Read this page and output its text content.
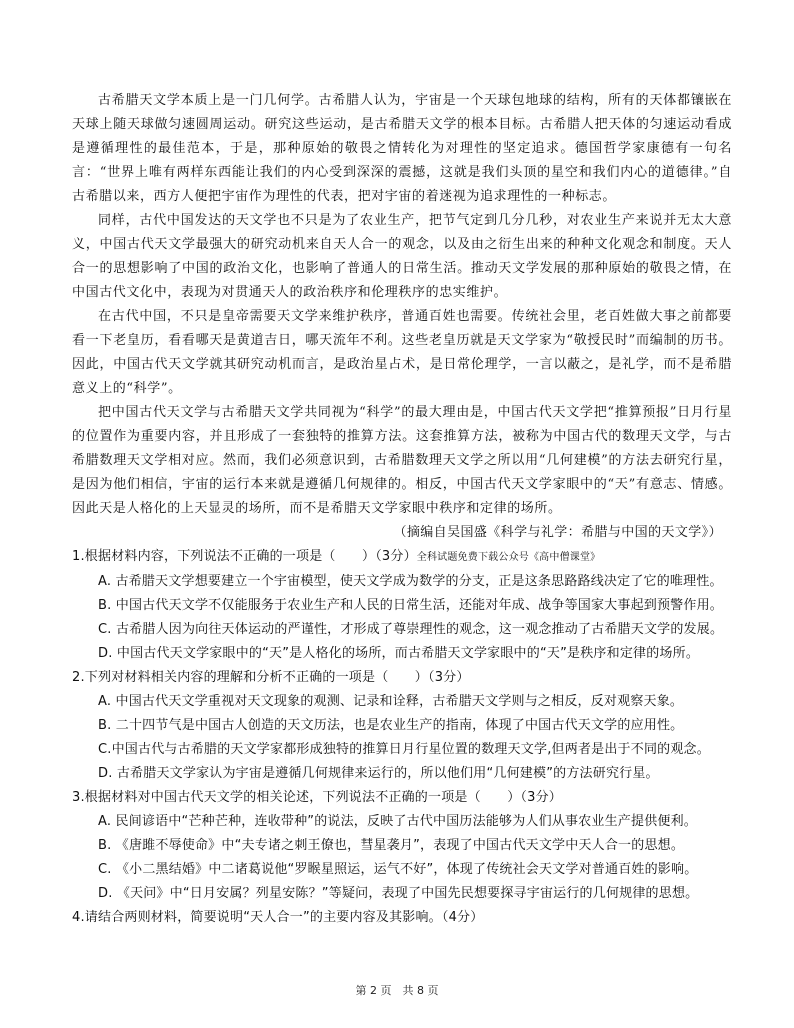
古希腊天文学本质上是一门几何学。古希腊人认为，宇宙是一个天球包地球的结构，所有的天体都镶嵌在天球上随天球做匀速圆周运动。研究这些运动，是古希腊天文学的根本目标。古希腊人把天体的匀速运动看成是遵循理性的最佳范本，于是，那种原始的敬畏之情转化为对理性的坚定追求。德国哲学家康德有一句名言：“世界上唯有两样东西能让我们的内心受到深深的震撼，这就是我们头顶的星空和我们内心的道德律。”自古希腊以来，西方人便把宇宙作为理性的代表，把对宇宙的着迷视为追求理性的一种标志。

同样，古代中国发达的天文学也不只是为了农业生产，把节气定到几分几秒，对农业生产来说并无太大意义，中国古代天文学最强大的研究动机来自天人合一的观念，以及由之衍生出来的种种文化观念和制度。天人合一的思想影响了中国的政治文化，也影响了普通人的日常生活。推动天文学发展的那种原始的敬畏之情，在中国古代文化中，表现为对贯通天人的政治秩序和伦理秩序的忠实维护。

在古代中国，不只是皇帝需要天文学来维护秩序，普通百姓也需要。传统社会里，老百姓做大事之前都要看一下老皇历，看看哪天是黄道吉日，哪天流年不利。这些老皇历就是天文学家为“敬授民时”而编制的历书。因此，中国古代天文学就其研究动机而言，是政治星占术，是日常伦理学，一言以蔽之，是礼学，而不是希腊意义上的“科学”。

把中国古代天文学与古希腊天文学共同视为“科学”的最大理由是，中国古代天文学把“推算预报”日月行星的位置作为重要内容，并且形成了一套独特的推算方法。这套推算方法，被称为中国古代的数理天文学，与古希腊数理天文学相对应。然而，我们必须意识到，古希腊数理天文学之所以用“几何建模”的方法去研究行星，是因为他们相信，宇宙的运行本来就是遵循几何规律的。相反，中国古代天文学家眼中的“天”有意志、情感。因此天是人格化的上天显灵的场所，而不是希腊天文学家眼中秩序和定律的场所。

（摘编自吴国盛《科学与礼学：希腊与中国的天文学》）

1.根据材料内容，下列说法不正确的一项是（　　）（3分）全科试题免费下载公众号《高中僧课堂》

A. 古希腊天文学想要建立一个宇宙模型，使天文学成为数学的分支，正是这条思路路线决定了它的唯理性。

B. 中国古代天文学不仅能服务于农业生产和人民的日常生活，还能对年成、战争等国家大事起到预警作用。

C. 古希腊人因为向往天体运动的严谨性，才形成了尊崇理性的观念，这一观念推动了古希腊天文学的发展。

D. 中国古代天文学家眼中的“天”是人格化的场所，而古希腊天文学家眼中的“天”是秩序和定律的场所。

2.下列对材料相关内容的理解和分析不正确的一项是（　　）（3分）

A. 中国古代天文学重视对天文现象的观测、记录和诠释，古希腊天文学则与之相反，反对观察天象。

B. 二十四节气是中国古人创造的天文历法，也是农业生产的指南，体现了中国古代天文学的应用性。

C.中国古代与古希腊的天文学家都形成独特的推算日月行星位置的数理天文学,但两者是出于不同的观念。

D. 古希腊天文学家认为宇宙是遵循几何规律来运行的，所以他们用“几何建模”的方法研究行星。

3.根据材料对中国古代天文学的相关论述，下列说法不正确的一项是（　　）（3分）

A. 民间谚语中“芒种芒种，连收带种”的说法，反映了古代中国历法能够为人们从事农业生产提供便利。

B. 《唐雎不辱使命》中“夫专诸之刺王僚也，彗星袭月”，表现了中国古代天文学中天人合一的思想。

C. 《小二黑结婚》中二诸葛说他“罗睺星照运，运气不好”，体现了传统社会天文学对普通百姓的影响。

D. 《天问》中“日月安属？列星安陈？”等疑问，表现了中国先民想要探寻宇宙运行的几何规律的思想。

4.请结合两则材料，简要说明“天人合一”的主要内容及其影响。（4分）

第 2 页　共 8 页
